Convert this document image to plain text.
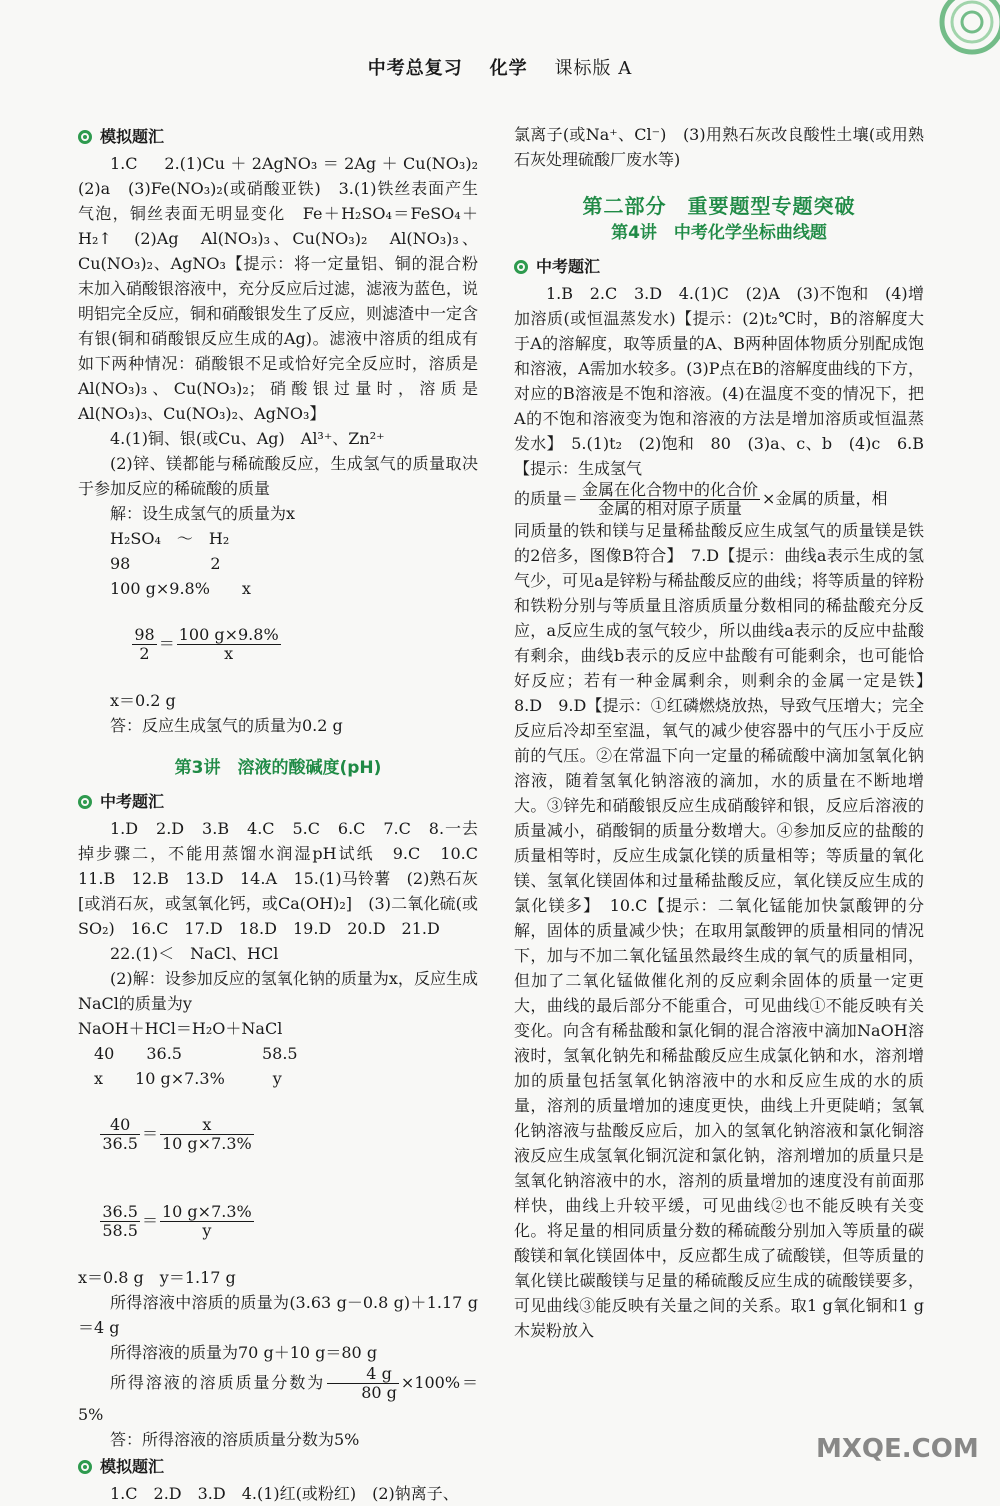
中考总复习 化学 课标版 A
模拟题汇

1.C　2.(1)Cu＋2AgNO₃＝2Ag＋Cu(NO₃)₂　(2)a　(3)Fe(NO₃)₂(或硝酸亚铁)　3.(1)铁丝表面产生气泡，铜丝表面无明显变化　Fe＋H₂SO₄＝FeSO₄＋H₂↑　(2)Ag　Al(NO₃)₃、Cu(NO₃)₂　Al(NO₃)₃、Cu(NO₃)₂、AgNO₃【提示：将一定量铝、铜的混合粉末加入硝酸银溶液中，充分反应后过滤，滤液为蓝色，说明铝完全反应，铜和硝酸银发生了反应，则滤渣中一定含有银(铜和硝酸银反应生成的Ag)。滤液中溶质的组成有如下两种情况：硝酸银不足或恰好完全反应时，溶质是Al(NO₃)₃、Cu(NO₃)₂；硝酸银过量时，溶质是Al(NO₃)₃、Cu(NO₃)₂、AgNO₃】

4.(1)铜、银(或Cu、Ag)　Al³⁺、Zn²⁺

(2)锌、镁都能与稀硫酸反应，生成氢气的质量取决于参加反应的稀硫酸的质量

解：设生成氢气的质量为x

H₂SO₄　～　H₂

98　　　　　2

100 g×9.8%　　x

$\frac{98}{2} = \frac{100 g\times 9.8\%}{x}$

x＝0.2 g

答：反应生成氢气的质量为0.2 g

第3讲　溶液的酸碱度(pH)
中考题汇

1.D　2.D　3.B　4.C　5.C　6.C　7.C　8.一去掉步骤二，不能用蒸馏水润湿pH试纸　9.C　10.C　11.B　12.B　13.D　14.A　15.(1)马铃薯　(2)熟石灰[或消石灰，或氢氧化钙，或Ca(OH)₂]　(3)二氧化硫(或SO₂)　16.C　17.D　18.D　19.D　20.D　21.D

22.(1)＜　NaCl、HCl

(2)解：设参加反应的氢氧化钠的质量为x，反应生成NaCl的质量为y

NaOH＋HCl＝H₂O＋NaCl

40　　36.5　　　　　58.5

x　　10 g×7.3%　　　y

$\frac{40}{36.5} = \frac{x}{10 g\times 7.3\%}$

$\frac{36.5}{58.5} = \frac{10 g\times 7.3\%}{y}$

x＝0.8 g　y＝1.17 g

所得溶液中溶质的质量为(3.63 g－0.8 g)＋1.17 g＝4 g

所得溶液的质量为70 g＋10 g＝80 g

所得溶液的溶质质量分数为 $\frac{4 g}{80 g} \times 100\%=5\%$

答：所得溶液的溶质质量分数为5%

模拟题汇

1.C　2.D　3.D　4.(1)红(或粉红)　(2)钠离子、

氯离子(或Na⁺、Cl⁻)　(3)用熟石灰改良酸性土壤(或用熟石灰处理硫酸厂废水等)

第二部分　重要题型专题突破
第4讲　中考化学坐标曲线题
中考题汇

1.B　2.C　3.D　4.(1)C　(2)A　(3)不饱和　(4)增加溶质(或恒温蒸发水)【提示：(2)t₂℃时，B的溶解度大于A的溶解度，取等质量的A、B两种固体物质分别配成饱和溶液，A需加水较多。(3)P点在B的溶解度曲线的下方，对应的B溶液是不饱和溶液。(4)在温度不变的情况下，把A的不饱和溶液变为饱和溶液的方法是增加溶质或恒温蒸发水】　5.(1)t₂　(2)饱和　80　(3)a、c、b　(4)c　6.B【提示：生成氢气

的质量＝ $\frac{\text{金属在化合物中的化合价}}{\text{金属的相对原子质量}}$ ×金属的质量，相

同质量的铁和镁与足量稀盐酸反应生成氢气的质量镁是铁的2倍多，图像B符合】　7.D【提示：曲线a表示生成的氢气少，可见a是锌粉与稀盐酸反应的曲线；将等质量的锌粉和铁粉分别与等质量且溶质质量分数相同的稀盐酸充分反应，a反应生成的氢气较少，所以曲线a表示的反应中盐酸有剩余，曲线b表示的反应中盐酸有可能剩余，也可能恰好反应；若有一种金属剩余，则剩余的金属一定是铁】　8.D　9.D【提示：①红磷燃烧放热，导致气压增大；完全反应后冷却至室温，氧气的减少使容器中的气压小于反应前的气压。②在常温下向一定量的稀硫酸中滴加氢氧化钠溶液，随着氢氧化钠溶液的滴加，水的质量在不断地增大。③锌先和硝酸银反应生成硝酸锌和银，反应后溶液的质量减小，硝酸铜的质量分数增大。④参加反应的盐酸的质量相等时，反应生成氯化镁的质量相等；等质量的氧化镁、氢氧化镁固体和过量稀盐酸反应，氧化镁反应生成的氯化镁多】　10.C【提示：二氧化锰能加快氯酸钾的分解，固体的质量减少快；在取用氯酸钾的质量相同的情况下，加与不加二氧化锰虽然最终生成的氧气的质量相同，但加了二氧化锰做催化剂的反应剩余固体的质量一定更大，曲线的最后部分不能重合，可见曲线①不能反映有关变化。向含有稀盐酸和氯化铜的混合溶液中滴加NaOH溶液时，氢氧化钠先和稀盐酸反应生成氯化钠和水，溶剂增加的质量包括氢氧化钠溶液中的水和反应生成的水的质量，溶剂的质量增加的速度更快，曲线上升更陡峭；氢氧化钠溶液与盐酸反应后，加入的氢氧化钠溶液和氯化铜溶液反应生成氢氧化铜沉淀和氯化钠，溶剂增加的质量只是氢氧化钠溶液中的水，溶剂的质量增加的速度没有前面那样快，曲线上升较平缓，可见曲线②也不能反映有关变化。将足量的相同质量分数的稀硫酸分别加入等质量的碳酸镁和氧化镁固体中，反应都生成了硫酸镁，但等质量的氧化镁比碳酸镁与足量的稀硫酸反应生成的硫酸镁要多，可见曲线③能反映有关量之间的关系。取1 g氧化铜和1 g木炭粉放入

MXQE.COM
